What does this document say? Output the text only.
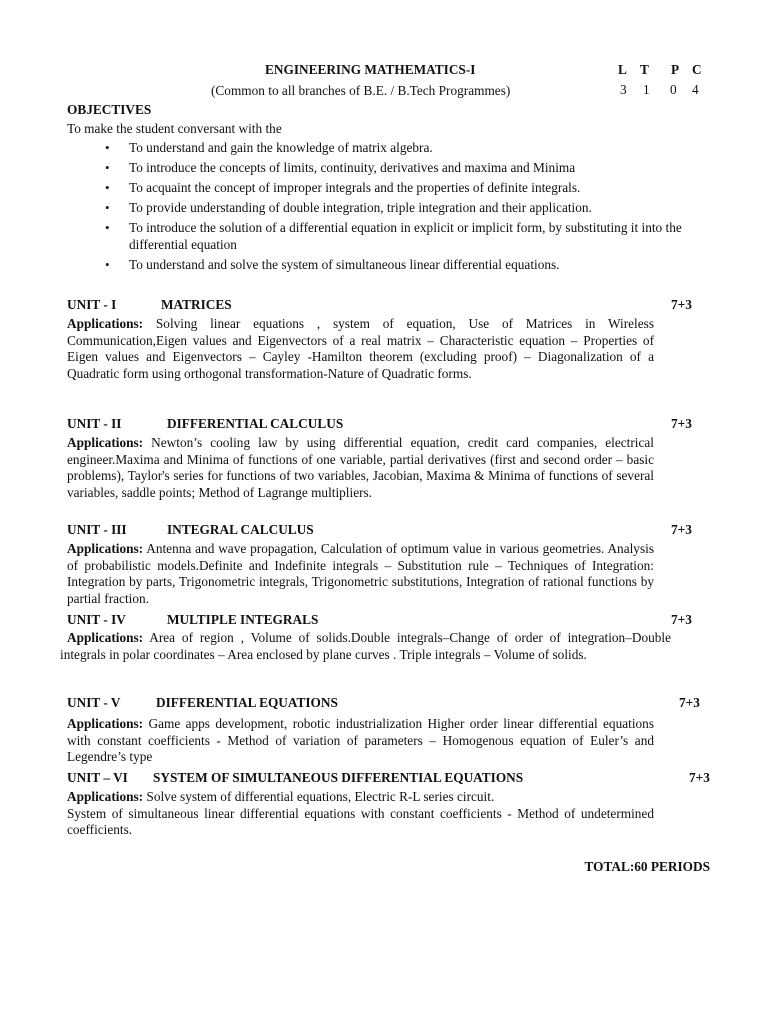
ENGINEERING MATHEMATICS-I
(Common to all branches of B.E. / B.Tech Programmes)
L T P C
3 1 0 4
OBJECTIVES
To make the student conversant with the
• To understand and gain the knowledge of matrix algebra.
• To introduce the concepts of limits, continuity, derivatives and maxima and Minima
• To acquaint the concept of improper integrals and the properties of definite integrals.
• To provide understanding of double integration, triple integration and their application.
• To introduce the solution of a differential equation in explicit or implicit form, by substituting it into the differential equation
• To understand and solve the system of simultaneous linear differential equations.
UNIT - I	MATRICES	7+3
Applications: Solving linear equations , system of equation, Use of Matrices in Wireless Communication,Eigen values and Eigenvectors of a real matrix – Characteristic equation – Properties of Eigen values and Eigenvectors – Cayley -Hamilton theorem (excluding proof) – Diagonalization of a Quadratic form using orthogonal transformation-Nature of Quadratic forms.
UNIT - II	DIFFERENTIAL CALCULUS	7+3
Applications: Newton’s cooling law by using differential equation, credit card companies, electrical engineer.Maxima and Minima of functions of one variable, partial derivatives (first and second order – basic problems), Taylor's series for functions of two variables, Jacobian, Maxima & Minima of functions of several variables, saddle points; Method of Lagrange multipliers.
UNIT - III	INTEGRAL CALCULUS	7+3
Applications: Antenna and wave propagation, Calculation of optimum value in various geometries. Analysis of probabilistic models.Definite and Indefinite integrals – Substitution rule – Techniques of Integration: Integration by parts, Trigonometric integrals, Trigonometric substitutions, Integration of rational functions by partial fraction.
UNIT - IV	MULTIPLE INTEGRALS	7+3
Applications: Area of region , Volume of solids.Double integrals–Change of order of integration–Double integrals in polar coordinates – Area enclosed by plane curves . Triple integrals – Volume of solids.
UNIT - V	DIFFERENTIAL EQUATIONS	7+3
Applications: Game apps development, robotic industrialization Higher order linear differential equations with constant coefficients - Method of variation of parameters – Homogenous equation of Euler’s and Legendre’s type
UNIT – VI SYSTEM OF SIMULTANEOUS DIFFERENTIAL EQUATIONS	7+3
Applications: Solve system of differential equations, Electric R-L series circuit.
System of simultaneous linear differential equations with constant coefficients - Method of undetermined coefficients.
TOTAL:60 PERIODS
